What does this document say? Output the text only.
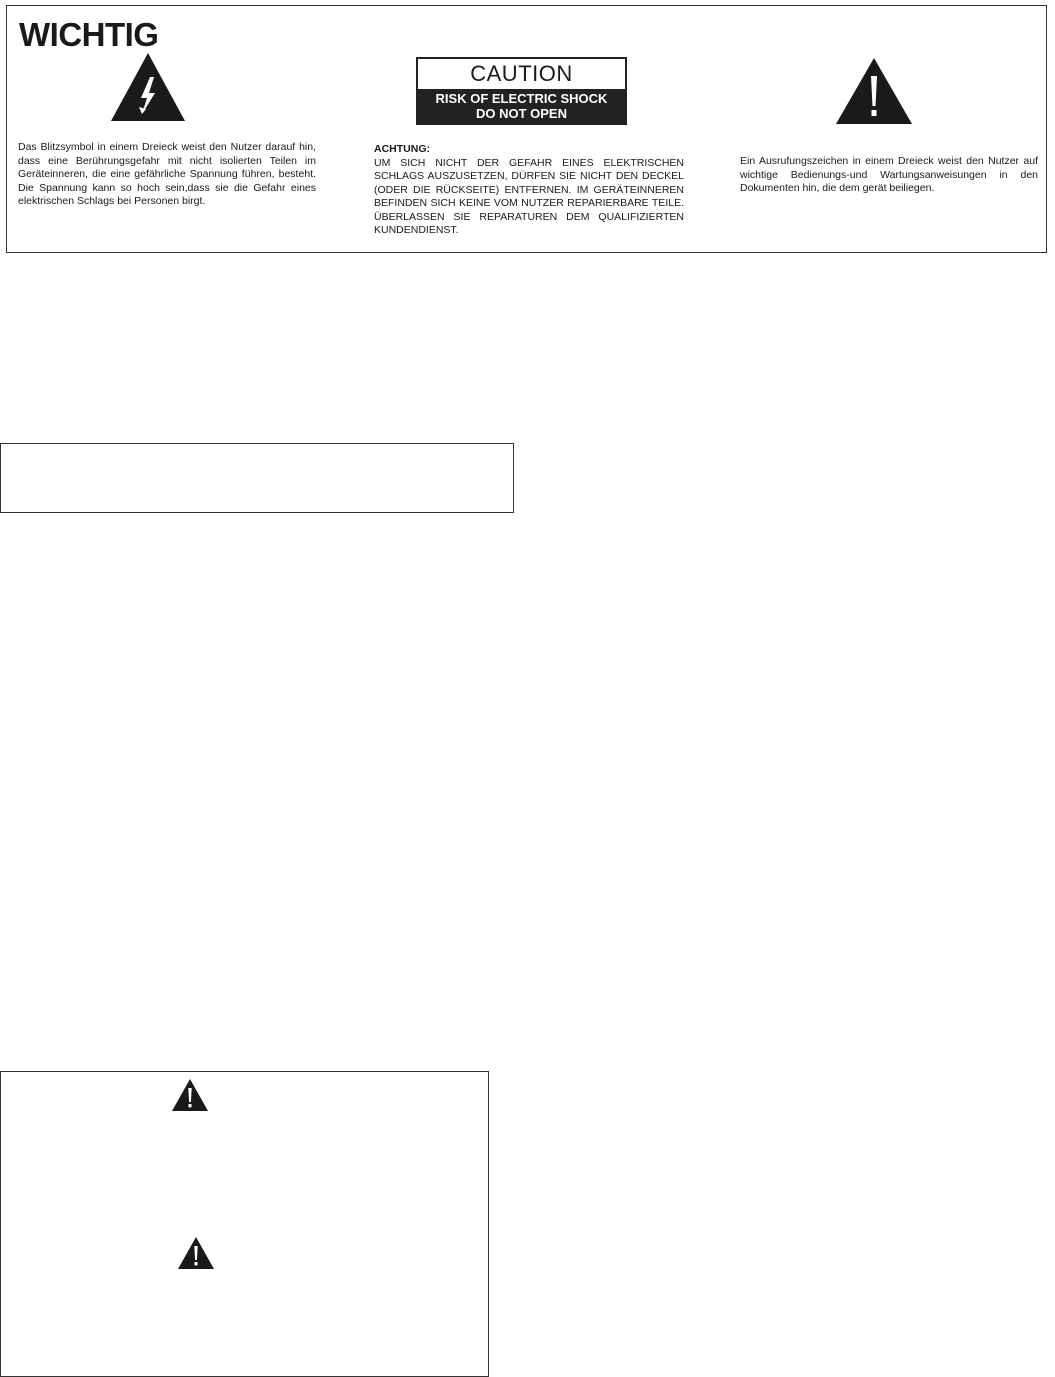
WICHTIG
CAUTION
RISK OF ELECTRIC SHOCK
DO NOT OPEN

Das Blitzsymbol in einem Dreieck weist den Nutzer darauf hin, dass eine Berührungsgefahr mit nicht isolierten Teilen im Geräteinneren, die eine gefährliche Spannung führen, besteht. Die Spannung kann so hoch sein,dass sie die Gefahr eines elektrischen Schlags bei Personen birgt.

ACHTUNG:
UM SICH NICHT DER GEFAHR EINES ELEKTRISCHEN SCHLAGS AUSZUSETZEN, DÜRFEN SIE NICHT DEN DECKEL (ODER DIE RÜCKSEITE) ENTFERNEN. IM GERÄTEINNEREN BEFINDEN SICH KEINE VOM NUTZER REPARIERBARE TEILE. ÜBERLASSEN SIE REPARATUREN DEM QUALIFIZIERTEN KUNDENDIENST.

Ein Ausrufungszeichen in einem Dreieck weist den Nutzer auf wichtige Bedienungs-und Wartungsanweisungen in den Dokumenten hin, die dem gerät beiliegen.
